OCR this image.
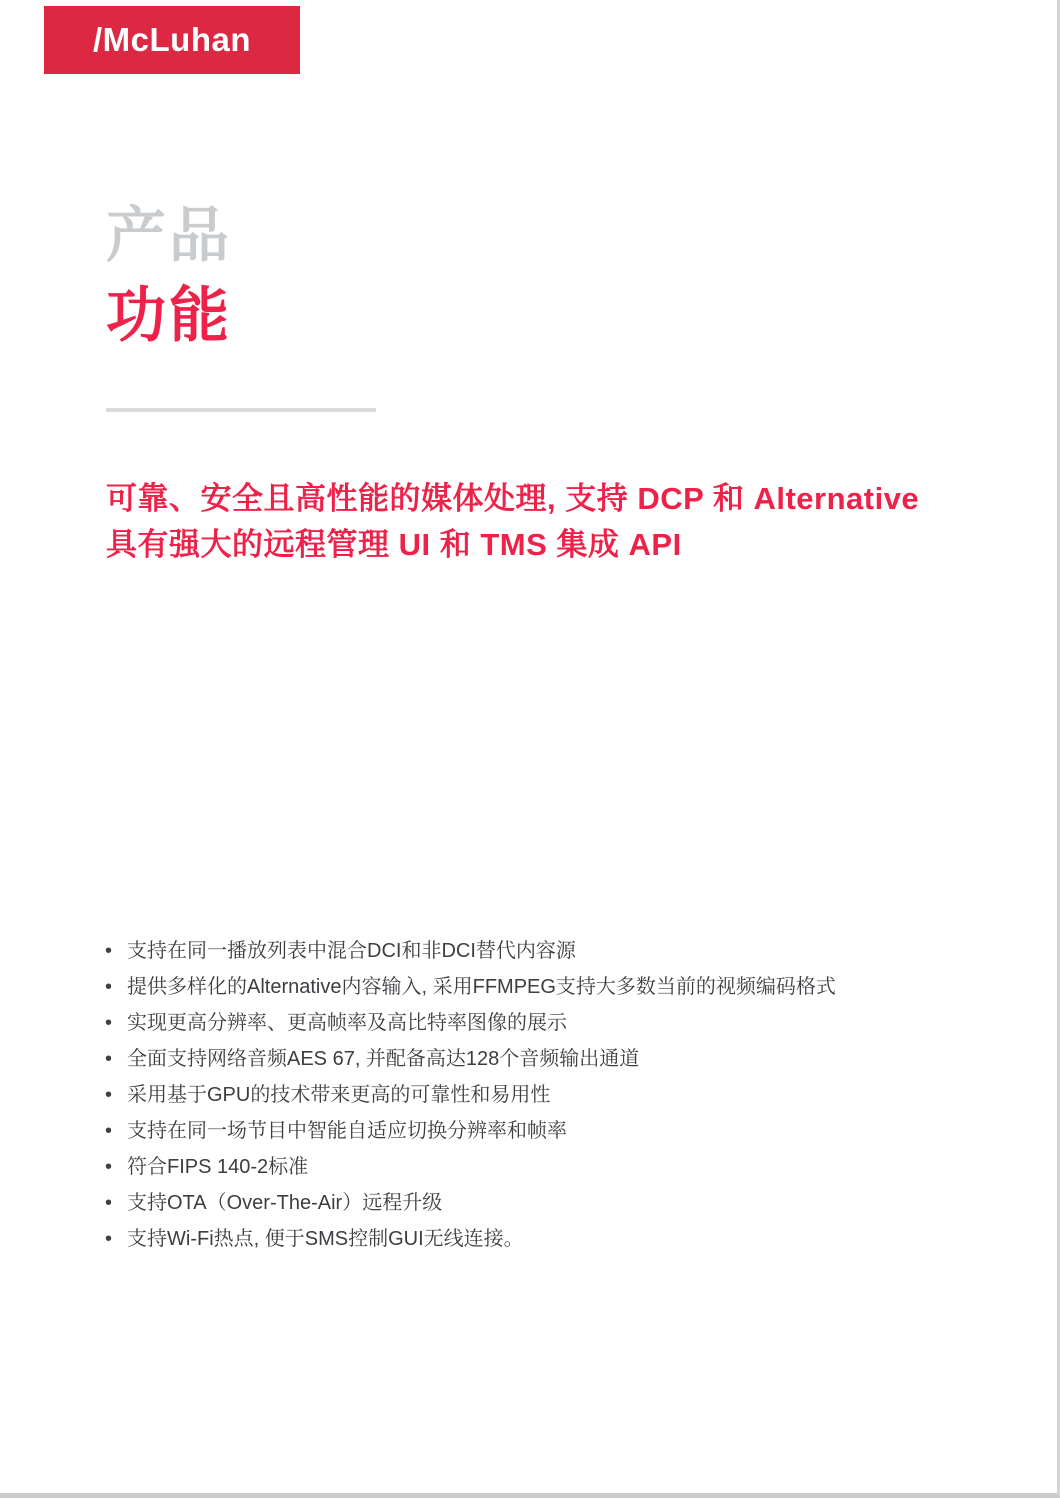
/McLuhan
产品
功能
可靠、安全且高性能的媒体处理, 支持 DCP 和 Alternative
具有强大的远程管理 UI 和 TMS 集成 API
• 支持在同一播放列表中混合DCI和非DCI替代内容源
• 提供多样化的Alternative内容输入, 采用FFMPEG支持大多数当前的视频编码格式
• 实现更高分辨率、更高帧率及高比特率图像的展示
• 全面支持网络音频AES 67, 并配备高达128个音频输出通道
• 采用基于GPU的技术带来更高的可靠性和易用性
• 支持在同一场节目中智能自适应切换分辨率和帧率
• 符合FIPS 140-2标准
• 支持OTA（Over-The-Air）远程升级
• 支持Wi-Fi热点, 便于SMS控制GUI无线连接。
